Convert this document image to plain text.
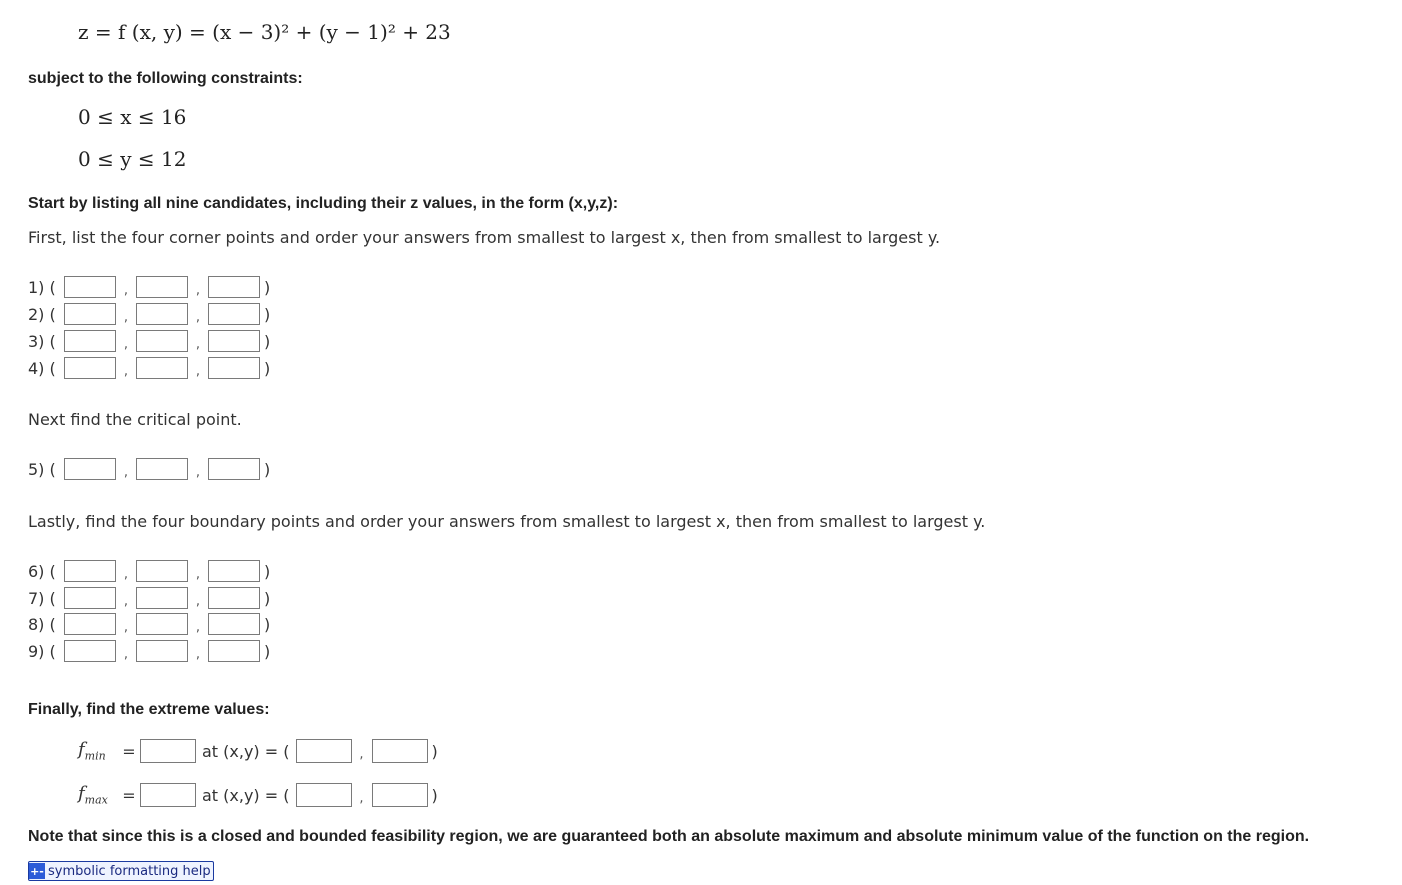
z = f (x, y) = (x − 3)² + (y − 1)² + 23
subject to the following constraints:
0 ≤ x ≤ 16
0 ≤ y ≤ 12
Start by listing all nine candidates, including their z values, in the form (x,y,z):
First, list the four corner points and order your answers from smallest to largest x, then from smallest to largest y.
1) (	,	,	)
2) (	,	,	)
3) (	,	,	)
4) (	,	,	)
Next find the critical point.
5) (	,	,	)
Lastly, find the four boundary points and order your answers from smallest to largest x, then from smallest to largest y.
6) (	,	,	)
7) (	,	,	)
8) (	,	,	)
9) (	,	,	)
Finally, find the extreme values:
$f_{min}$	=	at (x,y) = (	,	)
$f_{max}$ =	at (x,y) = (	,	)
Note that since this is a closed and bounded feasibility region, we are guaranteed both an absolute maximum and absolute minimum value of the function on the region.
+- symbolic formatting help
